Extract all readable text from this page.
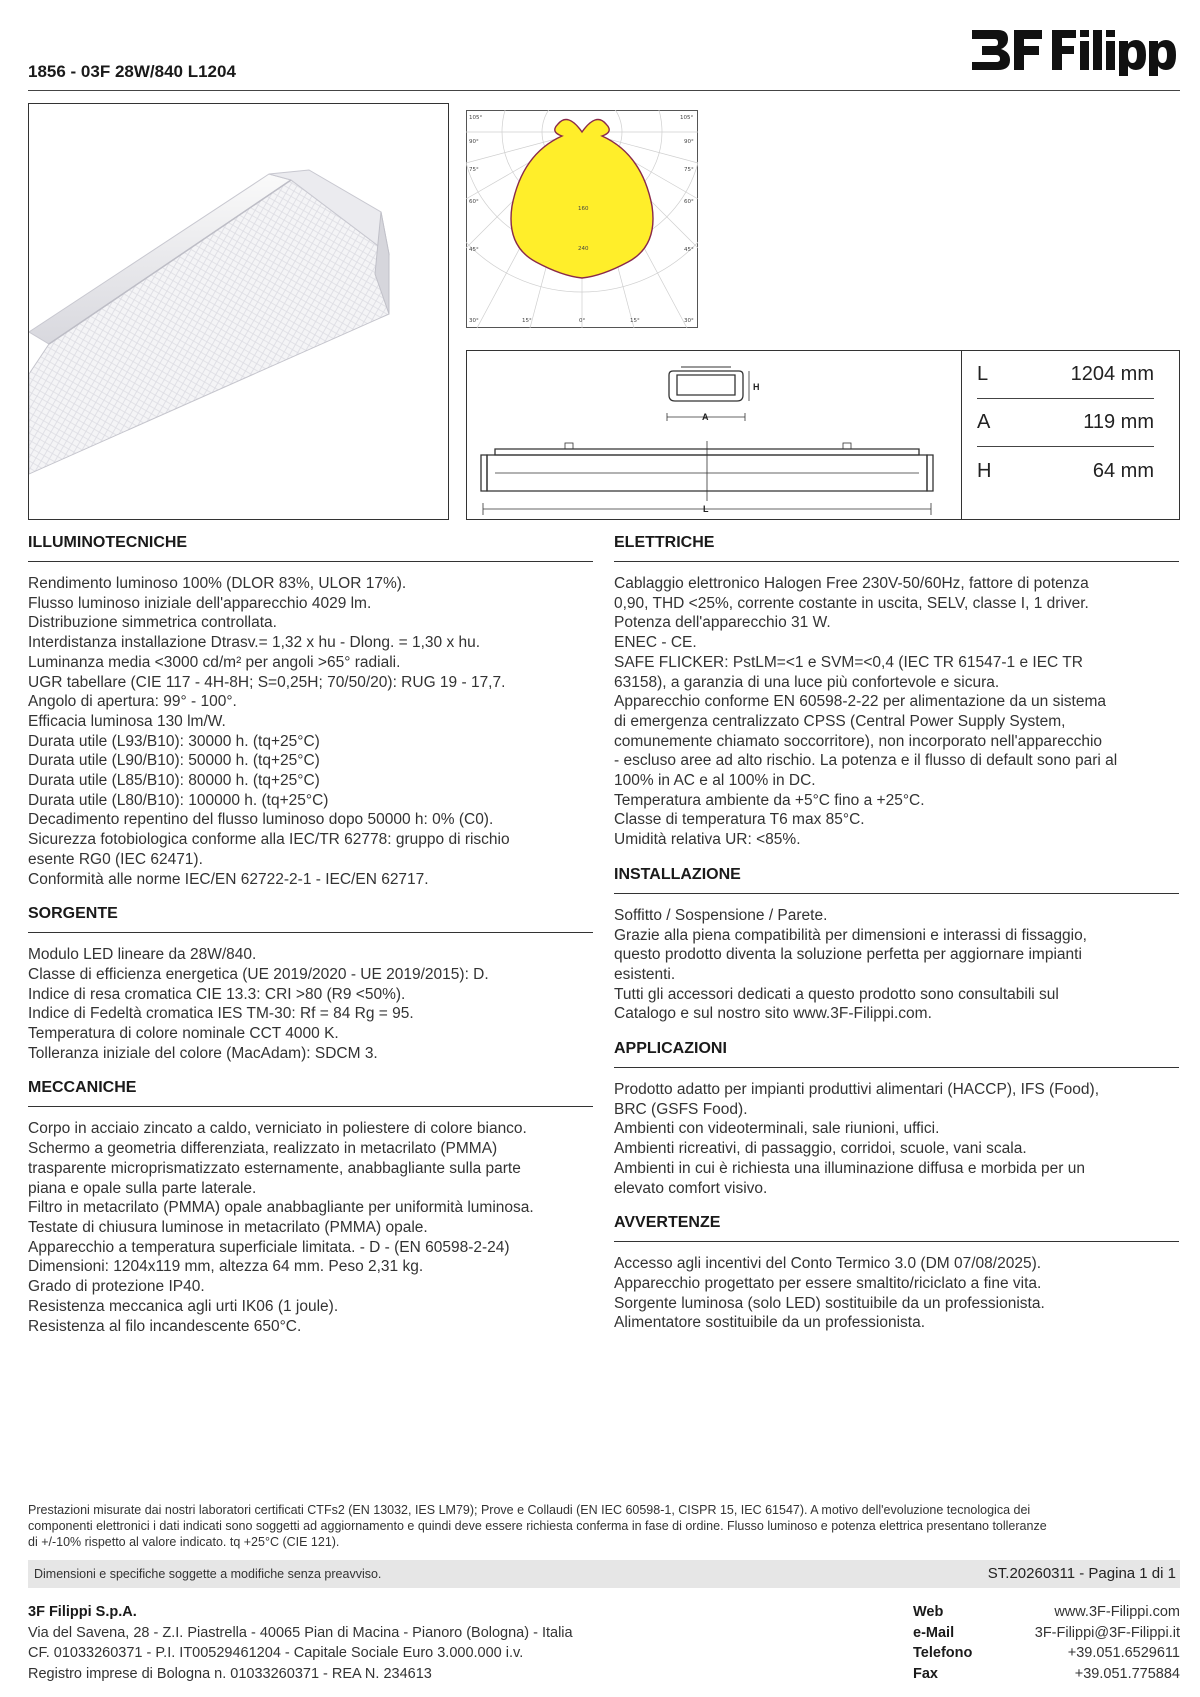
1856 - 03F 28W/840 L1204
105°	105°
90°	90°
75°	75°
60°	60°
45°	45°
30°	15°	0°	15°	30°
160
240
H
A
L
L	1204 mm
A	119 mm
H	64 mm
ILLUMINOTECNICHE

Rendimento luminoso 100% (DLOR 83%, ULOR 17%).
Flusso luminoso iniziale dell'apparecchio 4029 lm.
Distribuzione simmetrica controllata.
Interdistanza installazione Dtrasv.= 1,32 x hu - Dlong. = 1,30 x hu.
Luminanza media <3000 cd/m² per angoli >65° radiali.
UGR tabellare (CIE 117 - 4H-8H; S=0,25H; 70/50/20): RUG 19 - 17,7.
Angolo di apertura: 99° - 100°.
Efficacia luminosa 130 lm/W.
Durata utile (L93/B10): 30000 h. (tq+25°C)
Durata utile (L90/B10): 50000 h. (tq+25°C)
Durata utile (L85/B10): 80000 h. (tq+25°C)
Durata utile (L80/B10): 100000 h. (tq+25°C)
Decadimento repentino del flusso luminoso dopo 50000 h: 0% (C0).
Sicurezza fotobiologica conforme alla IEC/TR 62778: gruppo di rischio
esente RG0 (IEC 62471).
Conformità alle norme IEC/EN 62722-2-1 - IEC/EN 62717.

SORGENTE

Modulo LED lineare da 28W/840.
Classe di efficienza energetica (UE 2019/2020 - UE 2019/2015): D.
Indice di resa cromatica CIE 13.3: CRI >80 (R9 <50%).
Indice di Fedeltà cromatica IES TM-30: Rf = 84 Rg = 95.
Temperatura di colore nominale CCT 4000 K.
Tolleranza iniziale del colore (MacAdam): SDCM 3.

MECCANICHE

Corpo in acciaio zincato a caldo, verniciato in poliestere di colore bianco.
Schermo a geometria differenziata, realizzato in metacrilato (PMMA)
trasparente microprismatizzato esternamente, anabbagliante sulla parte
piana e opale sulla parte laterale.
Filtro in metacrilato (PMMA) opale anabbagliante per uniformità luminosa.
Testate di chiusura luminose in metacrilato (PMMA) opale.
Apparecchio a temperatura superficiale limitata. - D - (EN 60598-2-24)
Dimensioni: 1204x119 mm, altezza 64 mm. Peso 2,31 kg.
Grado di protezione IP40.
Resistenza meccanica agli urti IK06 (1 joule).
Resistenza al filo incandescente 650°C.

ELETTRICHE

Cablaggio elettronico Halogen Free 230V-50/60Hz, fattore di potenza
0,90, THD <25%, corrente costante in uscita, SELV, classe I, 1 driver.
Potenza dell'apparecchio 31 W.
ENEC - CE.
SAFE FLICKER: PstLM=<1 e SVM=<0,4 (IEC TR 61547-1 e IEC TR
63158), a garanzia di una luce più confortevole e sicura.
Apparecchio conforme EN 60598-2-22 per alimentazione da un sistema
di emergenza centralizzato CPSS (Central Power Supply System,
comunemente chiamato soccorritore), non incorporato nell'apparecchio
- escluso aree ad alto rischio. La potenza e il flusso di default sono pari al
100% in AC e al 100% in DC.
Temperatura ambiente da +5°C fino a +25°C.
Classe di temperatura T6 max 85°C.
Umidità relativa UR: <85%.

INSTALLAZIONE

Soffitto / Sospensione / Parete.
Grazie alla piena compatibilità per dimensioni e interassi di fissaggio,
questo prodotto diventa la soluzione perfetta per aggiornare impianti
esistenti.
Tutti gli accessori dedicati a questo prodotto sono consultabili sul
Catalogo e sul nostro sito www.3F-Filippi.com.

APPLICAZIONI

Prodotto adatto per impianti produttivi alimentari (HACCP), IFS (Food),
BRC (GSFS Food).
Ambienti con videoterminali, sale riunioni, uffici.
Ambienti ricreativi, di passaggio, corridoi, scuole, vani scala.
Ambienti in cui è richiesta una illuminazione diffusa e morbida per un
elevato comfort visivo.

AVVERTENZE

Accesso agli incentivi del Conto Termico 3.0 (DM 07/08/2025).
Apparecchio progettato per essere smaltito/riciclato a fine vita.
Sorgente luminosa (solo LED) sostituibile da un professionista.
Alimentatore sostituibile da un professionista.

Prestazioni misurate dai nostri laboratori certificati CTFs2 (EN 13032, IES LM79); Prove e Collaudi (EN IEC 60598-1, CISPR 15, IEC 61547). A motivo dell'evoluzione tecnologica dei
componenti elettronici i dati indicati sono soggetti ad aggiornamento e quindi deve essere richiesta conferma in fase di ordine. Flusso luminoso e potenza elettrica presentano tolleranze
di +/-10% rispetto al valore indicato. tq +25°C (CIE 121).
Dimensioni e specifiche soggette a modifiche senza preavviso.	ST.20260311 - Pagina 1 di 1
3F Filippi S.p.A.
Via del Savena, 28 - Z.I. Piastrella - 40065 Pian di Macina - Pianoro (Bologna) - Italia
CF. 01033260371 - P.I. IT00529461204 - Capitale Sociale Euro 3.000.000 i.v.
Registro imprese di Bologna n. 01033260371 - REA N. 234613
Web	www.3F-Filippi.com
e-Mail	3F-Filippi@3F-Filippi.it
Telefono	+39.051.6529611
Fax	+39.051.775884
